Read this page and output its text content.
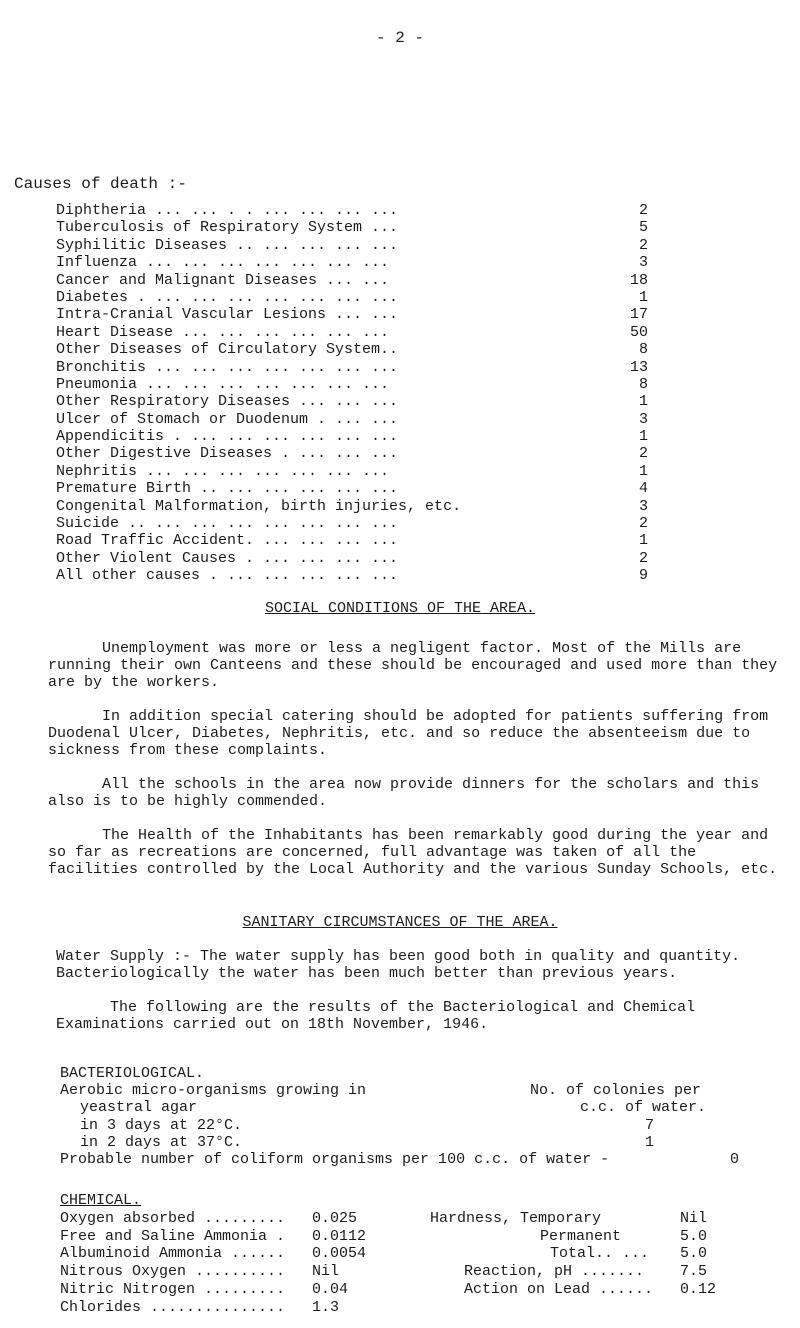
- 2 -
Causes of death :-
Diphtheria ... ... . . ... ... ... ...	2
Tuberculosis of Respiratory System ...	5
Syphilitic Diseases .. ... ... ... ...	2
Influenza ... ... ... ... ... ... ...	3
Cancer and Malignant Diseases ... ...	18
Diabetes . ... ... ... ... ... ... ...	1
Intra-Cranial Vascular Lesions ... ...	17
Heart Disease ... ... ... ... ... ...	50
Other Diseases of Circulatory System..	8
Bronchitis ... ... ... ... ... ... ...	13
Pneumonia ... ... ... ... ... ... ...	8
Other Respiratory Diseases ... ... ...	1
Ulcer of Stomach or Duodenum . ... ...	3
Appendicitis . ... ... ... ... ... ...	1
Other Digestive Diseases . ... ... ...	2
Nephritis ... ... ... ... ... ... ...	1
Premature Birth .. ... ... ... ... ...	4
Congenital Malformation, birth injuries, etc.	3
Suicide .. ... ... ... ... ... ... ...	2
Road Traffic Accident. ... ... ... ...	1
Other Violent Causes . ... ... ... ...	2
All other causes . ... ... ... ... ...	9
SOCIAL CONDITIONS OF THE AREA.

Unemployment was more or less a negligent factor. Most of the Mills are running their own Canteens and these should be encouraged and used more than they are by the workers.

In addition special catering should be adopted for patients suffering from Duodenal Ulcer, Diabetes, Nephritis, etc. and so reduce the absenteeism due to sickness from these complaints.

All the schools in the area now provide dinners for the scholars and this also is to be highly commended.

The Health of the Inhabitants has been remarkably good during the year and so far as recreations are concerned, full advantage was taken of all the facilities controlled by the Local Authority and the various Sunday Schools, etc.

SANITARY CIRCUMSTANCES OF THE AREA.

Water Supply :- The water supply has been good both in quality and quantity. Bacteriologically the water has been much better than previous years.

The following are the results of the Bacteriological and Chemical Examinations carried out on 18th November, 1946.

BACTERIOLOGICAL.
Aerobic micro-organisms growing in	No. of colonies per
yeastral agar	c.c. of water.
in 3 days at 22°C.	7
in 2 days at 37°C.	1
Probable number of coliform organisms per 100 c.c. of water -	0
CHEMICAL.
Oxygen absorbed ......... 0.025	Hardness, Temporary	Nil
Free and Saline Ammonia . 0.0112	Permanent	5.0
Albuminoid Ammonia ...... 0.0054	Total.. ... 5.0
Nitrous Oxygen .......... Nil	Reaction, pH ....... 7.5
Nitric Nitrogen ......... 0.04	Action on Lead ...... 0.12
Chlorides ............... 1.3
